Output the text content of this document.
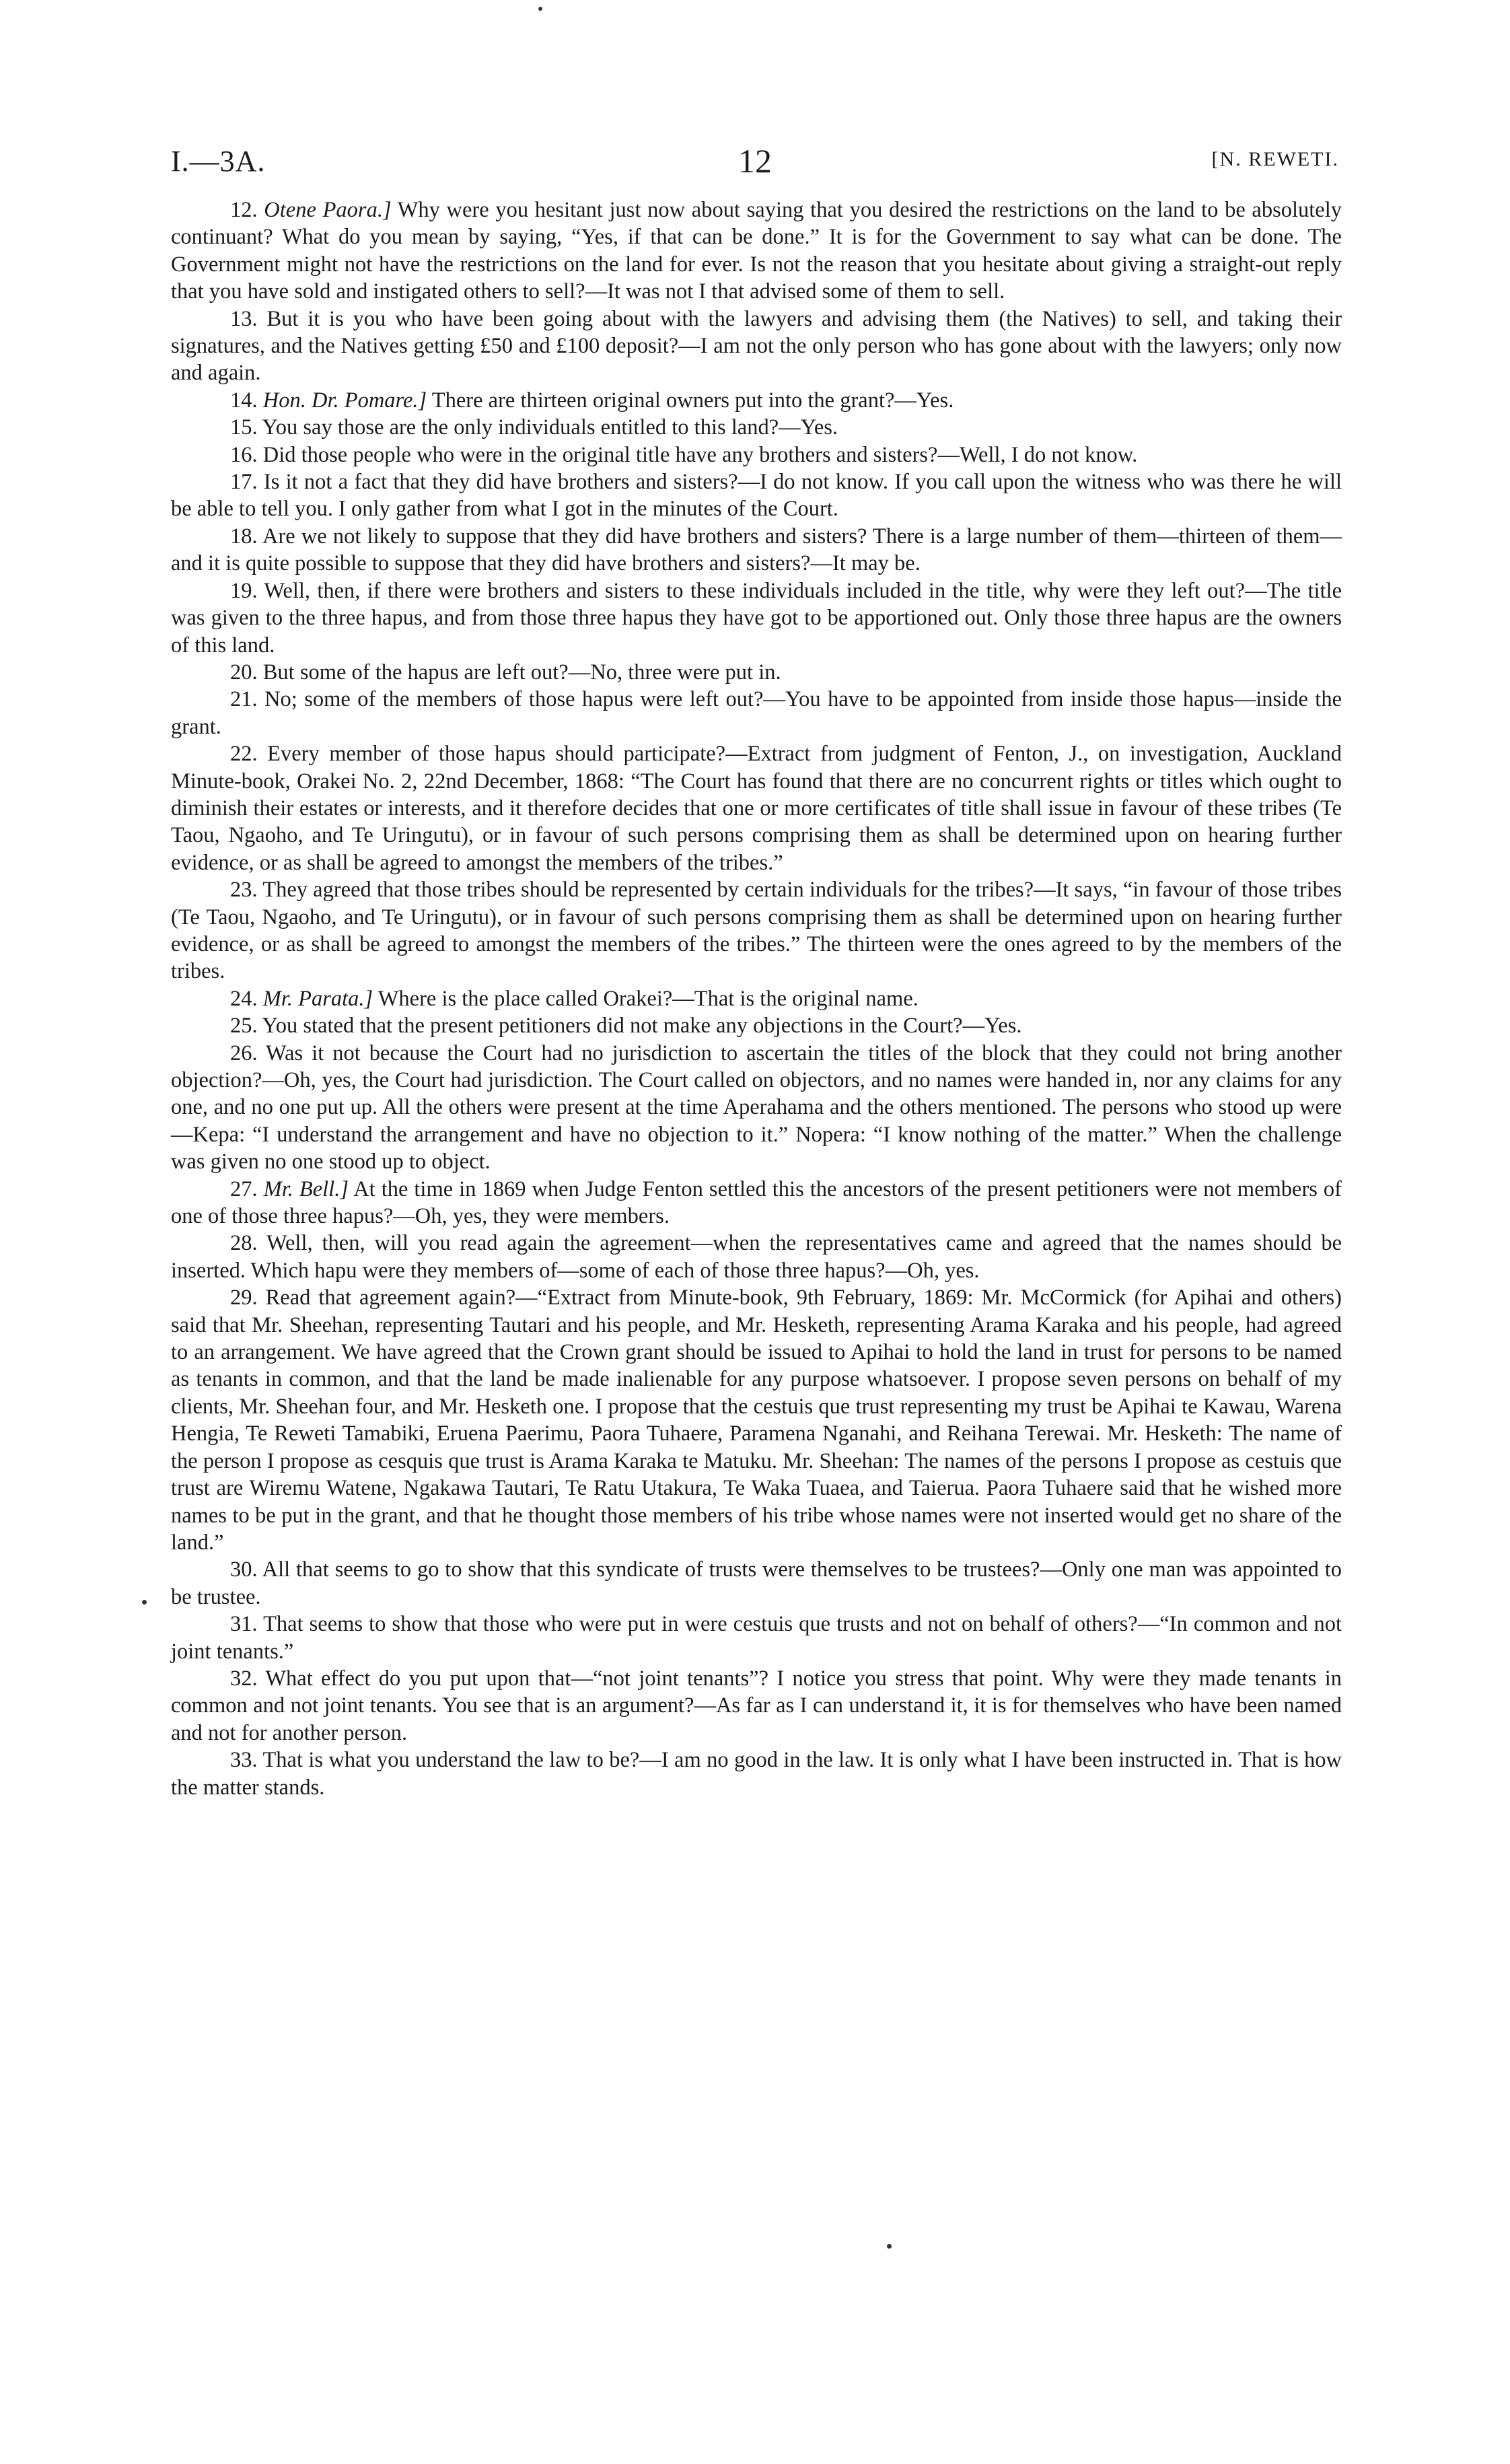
I.—3A.	12	[N. REWETI.

12. Otene Paora.] Why were you hesitant just now about saying that you desired the restrictions on the land to be absolutely continuant? What do you mean by saying, “Yes, if that can be done.” It is for the Government to say what can be done. The Government might not have the restrictions on the land for ever. Is not the reason that you hesitate about giving a straight-out reply that you have sold and instigated others to sell?—It was not I that advised some of them to sell.

13. But it is you who have been going about with the lawyers and advising them (the Natives) to sell, and taking their signatures, and the Natives getting £50 and £100 deposit?—I am not the only person who has gone about with the lawyers; only now and again.

14. Hon. Dr. Pomare.] There are thirteen original owners put into the grant?—Yes.

15. You say those are the only individuals entitled to this land?—Yes.

16. Did those people who were in the original title have any brothers and sisters?—Well, I do not know.

17. Is it not a fact that they did have brothers and sisters?—I do not know. If you call upon the witness who was there he will be able to tell you. I only gather from what I got in the minutes of the Court.

18. Are we not likely to suppose that they did have brothers and sisters? There is a large number of them—thirteen of them—and it is quite possible to suppose that they did have brothers and sisters?—It may be.

19. Well, then, if there were brothers and sisters to these individuals included in the title, why were they left out?—The title was given to the three hapus, and from those three hapus they have got to be apportioned out. Only those three hapus are the owners of this land.

20. But some of the hapus are left out?—No, three were put in.

21. No; some of the members of those hapus were left out?—You have to be appointed from inside those hapus—inside the grant.

22. Every member of those hapus should participate?—Extract from judgment of Fenton, J., on investigation, Auckland Minute-book, Orakei No. 2, 22nd December, 1868: “The Court has found that there are no concurrent rights or titles which ought to diminish their estates or interests, and it therefore decides that one or more certificates of title shall issue in favour of these tribes (Te Taou, Ngaoho, and Te Uringutu), or in favour of such persons comprising them as shall be determined upon on hearing further evidence, or as shall be agreed to amongst the members of the tribes.”

23. They agreed that those tribes should be represented by certain individuals for the tribes?—It says, “in favour of those tribes (Te Taou, Ngaoho, and Te Uringutu), or in favour of such persons comprising them as shall be determined upon on hearing further evidence, or as shall be agreed to amongst the members of the tribes.” The thirteen were the ones agreed to by the members of the tribes.

24. Mr. Parata.] Where is the place called Orakei?—That is the original name.

25. You stated that the present petitioners did not make any objections in the Court?—Yes.

26. Was it not because the Court had no jurisdiction to ascertain the titles of the block that they could not bring another objection?—Oh, yes, the Court had jurisdiction. The Court called on objectors, and no names were handed in, nor any claims for any one, and no one put up. All the others were present at the time Aperahama and the others mentioned. The persons who stood up were—Kepa: “I understand the arrangement and have no objection to it.” Nopera: “I know nothing of the matter.” When the challenge was given no one stood up to object.

27. Mr. Bell.] At the time in 1869 when Judge Fenton settled this the ancestors of the present petitioners were not members of one of those three hapus?—Oh, yes, they were members.

28. Well, then, will you read again the agreement—when the representatives came and agreed that the names should be inserted. Which hapu were they members of—some of each of those three hapus?—Oh, yes.

29. Read that agreement again?—“Extract from Minute-book, 9th February, 1869: Mr. McCormick (for Apihai and others) said that Mr. Sheehan, representing Tautari and his people, and Mr. Hesketh, representing Arama Karaka and his people, had agreed to an arrangement. We have agreed that the Crown grant should be issued to Apihai to hold the land in trust for persons to be named as tenants in common, and that the land be made inalienable for any purpose whatsoever. I propose seven persons on behalf of my clients, Mr. Sheehan four, and Mr. Hesketh one. I propose that the cestuis que trust representing my trust be Apihai te Kawau, Warena Hengia, Te Reweti Tamabiki, Eruena Paerimu, Paora Tuhaere, Paramena Nganahi, and Reihana Terewai. Mr. Hesketh: The name of the person I propose as cesquis que trust is Arama Karaka te Matuku. Mr. Sheehan: The names of the persons I propose as cestuis que trust are Wiremu Watene, Ngakawa Tautari, Te Ratu Utakura, Te Waka Tuaea, and Taierua. Paora Tuhaere said that he wished more names to be put in the grant, and that he thought those members of his tribe whose names were not inserted would get no share of the land.”

30. All that seems to go to show that this syndicate of trusts were themselves to be trustees?—Only one man was appointed to be trustee.

31. That seems to show that those who were put in were cestuis que trusts and not on behalf of others?—“In common and not joint tenants.”

32. What effect do you put upon that—“not joint tenants”? I notice you stress that point. Why were they made tenants in common and not joint tenants. You see that is an argument?—As far as I can understand it, it is for themselves who have been named and not for another person.

33. That is what you understand the law to be?—I am no good in the law. It is only what I have been instructed in. That is how the matter stands.
